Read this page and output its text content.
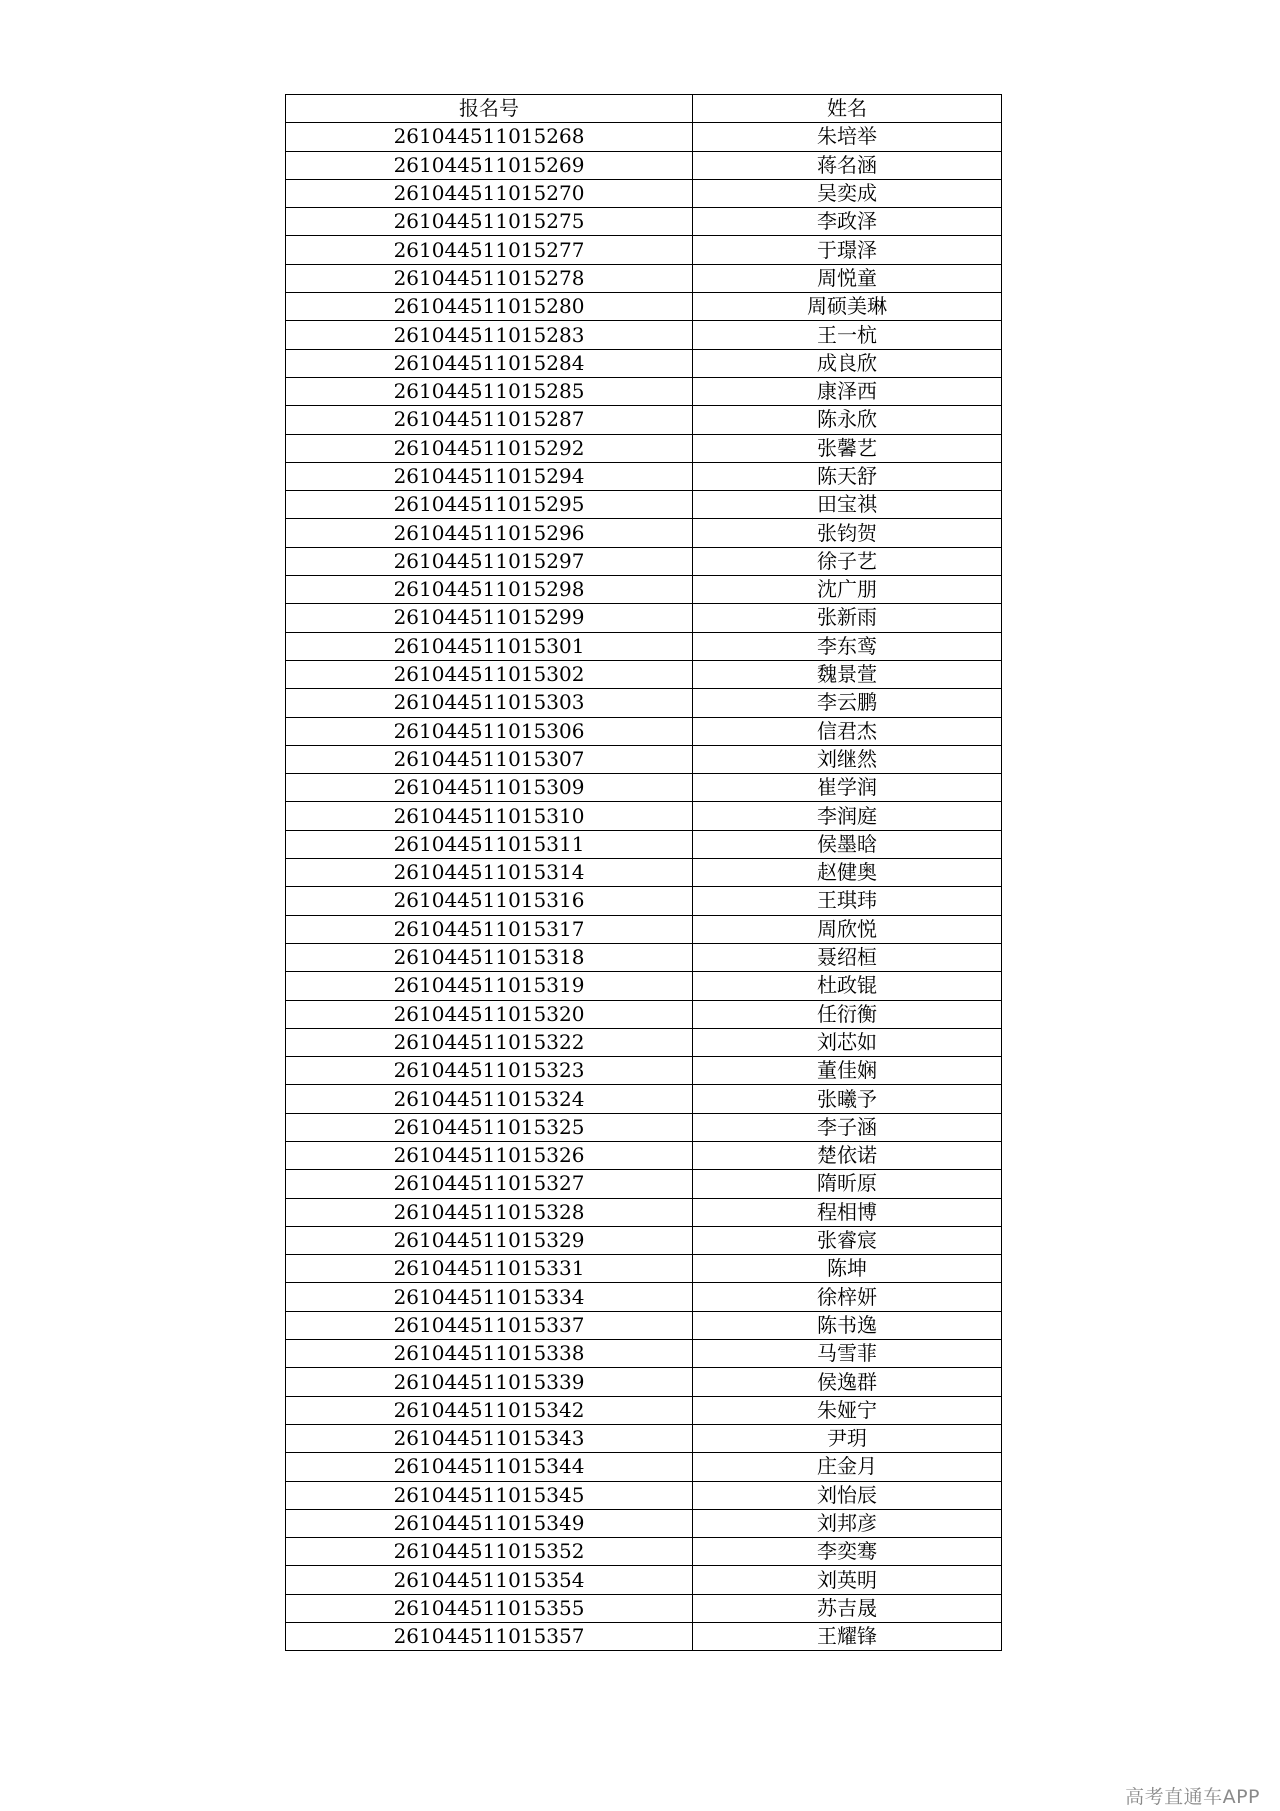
报名号	姓名
261044511015268	朱培举
261044511015269	蒋名涵
261044511015270	吴奕成
261044511015275	李政泽
261044511015277	于璟泽
261044511015278	周悦童
261044511015280	周硕美琳
261044511015283	王一杭
261044511015284	成良欣
261044511015285	康泽西
261044511015287	陈永欣
261044511015292	张馨艺
261044511015294	陈天舒
261044511015295	田宝祺
261044511015296	张钧贺
261044511015297	徐子艺
261044511015298	沈广朋
261044511015299	张新雨
261044511015301	李东鸾
261044511015302	魏景萱
261044511015303	李云鹏
261044511015306	信君杰
261044511015307	刘继然
261044511015309	崔学润
261044511015310	李润庭
261044511015311	侯墨晗
261044511015314	赵健奥
261044511015316	王琪玮
261044511015317	周欣悦
261044511015318	聂绍桓
261044511015319	杜政锟
261044511015320	任衍衡
261044511015322	刘芯如
261044511015323	董佳娴
261044511015324	张曦予
261044511015325	李子涵
261044511015326	楚依诺
261044511015327	隋昕原
261044511015328	程相博
261044511015329	张睿宸
261044511015331	陈坤
261044511015334	徐梓妍
261044511015337	陈书逸
261044511015338	马雪菲
261044511015339	侯逸群
261044511015342	朱娅宁
261044511015343	尹玥
261044511015344	庄金月
261044511015345	刘怡辰
261044511015349	刘邦彦
261044511015352	李奕骞
261044511015354	刘英明
261044511015355	苏吉晟
261044511015357	王耀锋
高考直通车APP
